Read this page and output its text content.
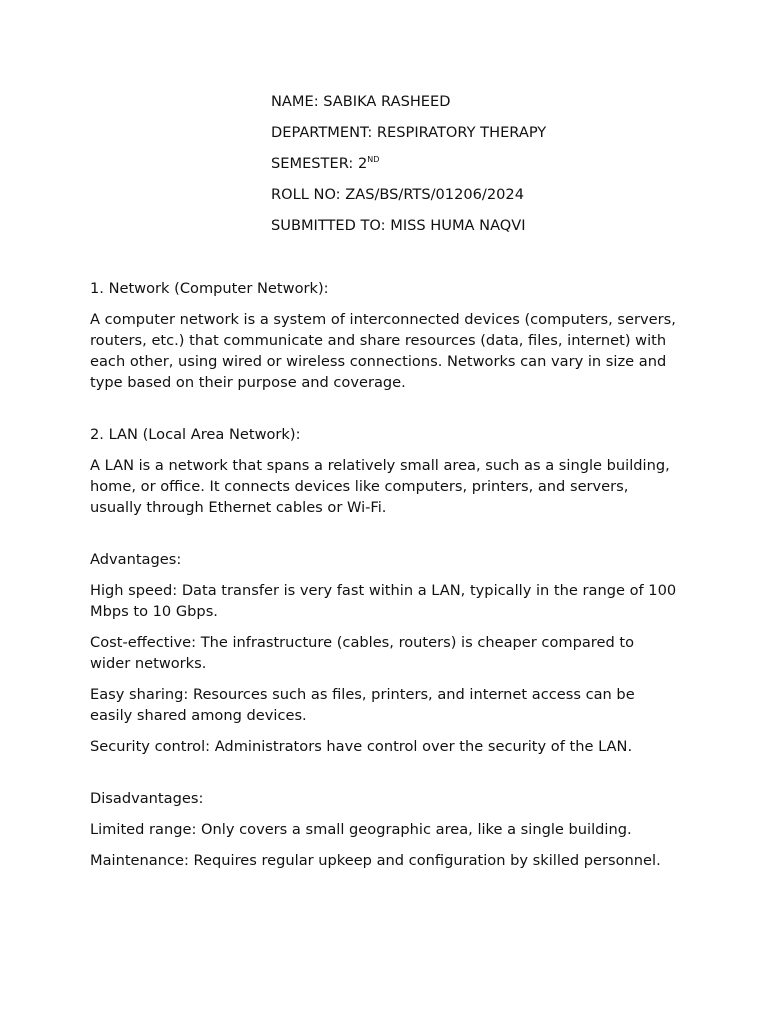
NAME: SABIKA RASHEED

DEPARTMENT: RESPIRATORY THERAPY

SEMESTER: 2ND

ROLL NO: ZAS/BS/RTS/01206/2024

SUBMITTED TO: MISS HUMA NAQVI

1. Network (Computer Network):

A computer network is a system of interconnected devices (computers, servers, routers, etc.) that communicate and share resources (data, files, internet) with each other, using wired or wireless connections. Networks can vary in size and type based on their purpose and coverage.

2. LAN (Local Area Network):

A LAN is a network that spans a relatively small area, such as a single building, home, or office. It connects devices like computers, printers, and servers, usually through Ethernet cables or Wi-Fi.

Advantages:

High speed: Data transfer is very fast within a LAN, typically in the range of 100 Mbps to 10 Gbps.

Cost-effective: The infrastructure (cables, routers) is cheaper compared to wider networks.

Easy sharing: Resources such as files, printers, and internet access can be easily shared among devices.

Security control: Administrators have control over the security of the LAN.

Disadvantages:

Limited range: Only covers a small geographic area, like a single building.

Maintenance: Requires regular upkeep and configuration by skilled personnel.
